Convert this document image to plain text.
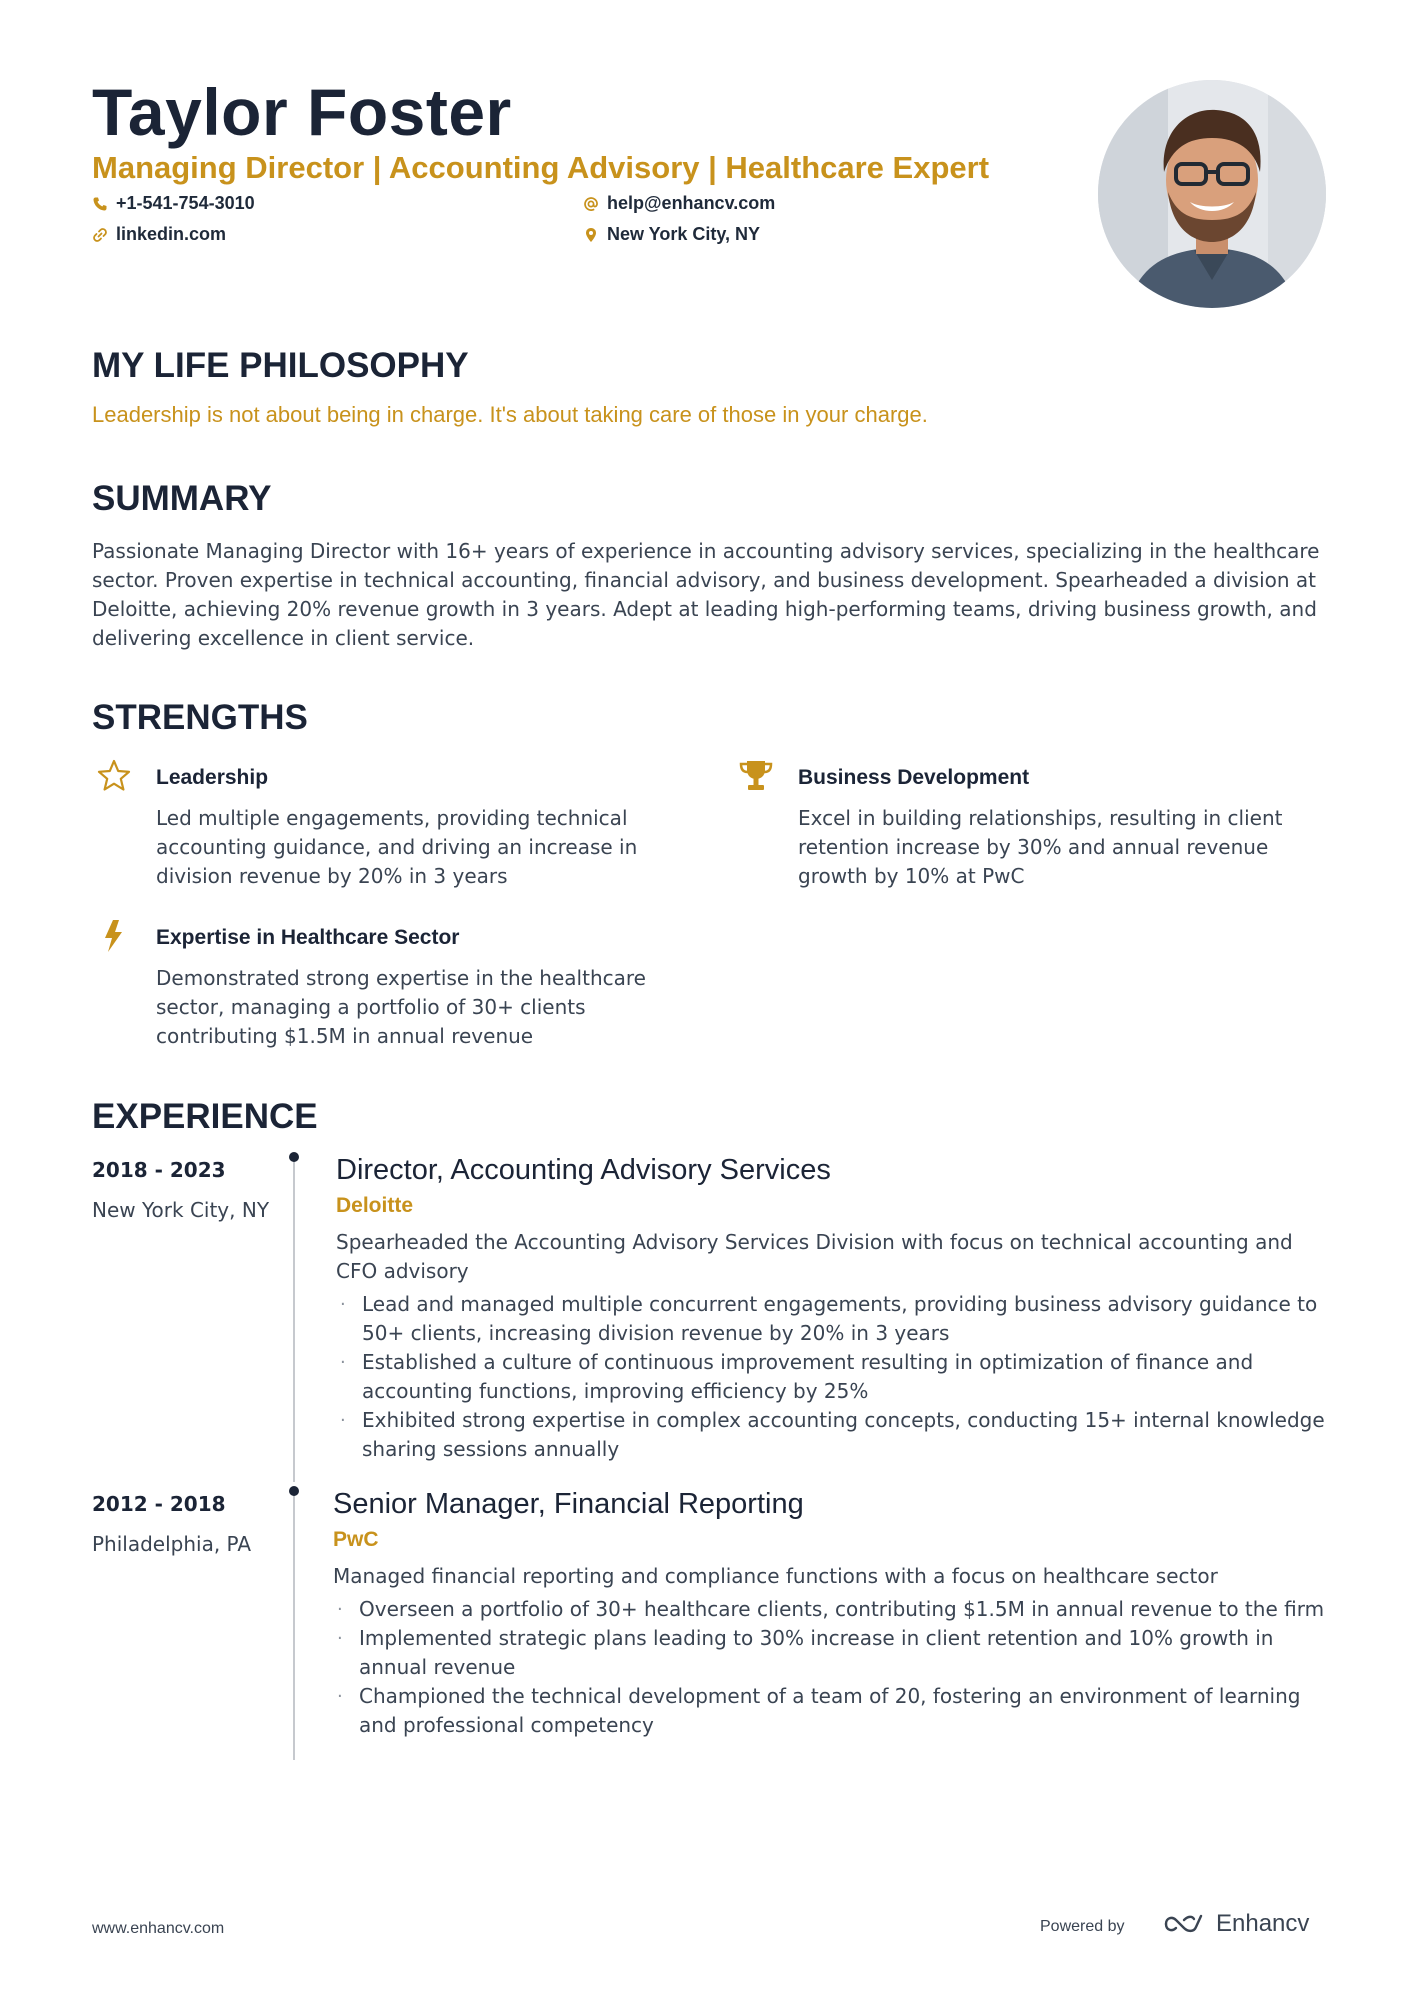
Taylor Foster
Managing Director | Accounting Advisory | Healthcare Expert
+1-541-754-3010
linkedin.com
help@enhancv.com
New York City, NY
MY LIFE PHILOSOPHY
Leadership is not about being in charge. It's about taking care of those in your charge.
SUMMARY
Passionate Managing Director with 16+ years of experience in accounting advisory services, specializing in the healthcare sector. Proven expertise in technical accounting, financial advisory, and business development. Spearheaded a division at Deloitte, achieving 20% revenue growth in 3 years. Adept at leading high-performing teams, driving business growth, and delivering excellence in client service.
STRENGTHS
Leadership
Led multiple engagements, providing technical accounting guidance, and driving an increase in division revenue by 20% in 3 years
Business Development
Excel in building relationships, resulting in client retention increase by 30% and annual revenue growth by 10% at PwC
Expertise in Healthcare Sector
Demonstrated strong expertise in the healthcare sector, managing a portfolio of 30+ clients contributing $1.5M in annual revenue
EXPERIENCE
2018 - 2023
New York City, NY
Director, Accounting Advisory Services
Deloitte
Spearheaded the Accounting Advisory Services Division with focus on technical accounting and CFO advisory
· Lead and managed multiple concurrent engagements, providing business advisory guidance to 50+ clients, increasing division revenue by 20% in 3 years
· Established a culture of continuous improvement resulting in optimization of finance and accounting functions, improving efficiency by 25%
· Exhibited strong expertise in complex accounting concepts, conducting 15+ internal knowledge sharing sessions annually
2012 - 2018
Philadelphia, PA
Senior Manager, Financial Reporting
PwC
Managed financial reporting and compliance functions with a focus on healthcare sector
· Overseen a portfolio of 30+ healthcare clients, contributing $1.5M in annual revenue to the firm
· Implemented strategic plans leading to 30% increase in client retention and 10% growth in annual revenue
· Championed the technical development of a team of 20, fostering an environment of learning and professional competency
www.enhancv.com	Powered by	Enhancv
